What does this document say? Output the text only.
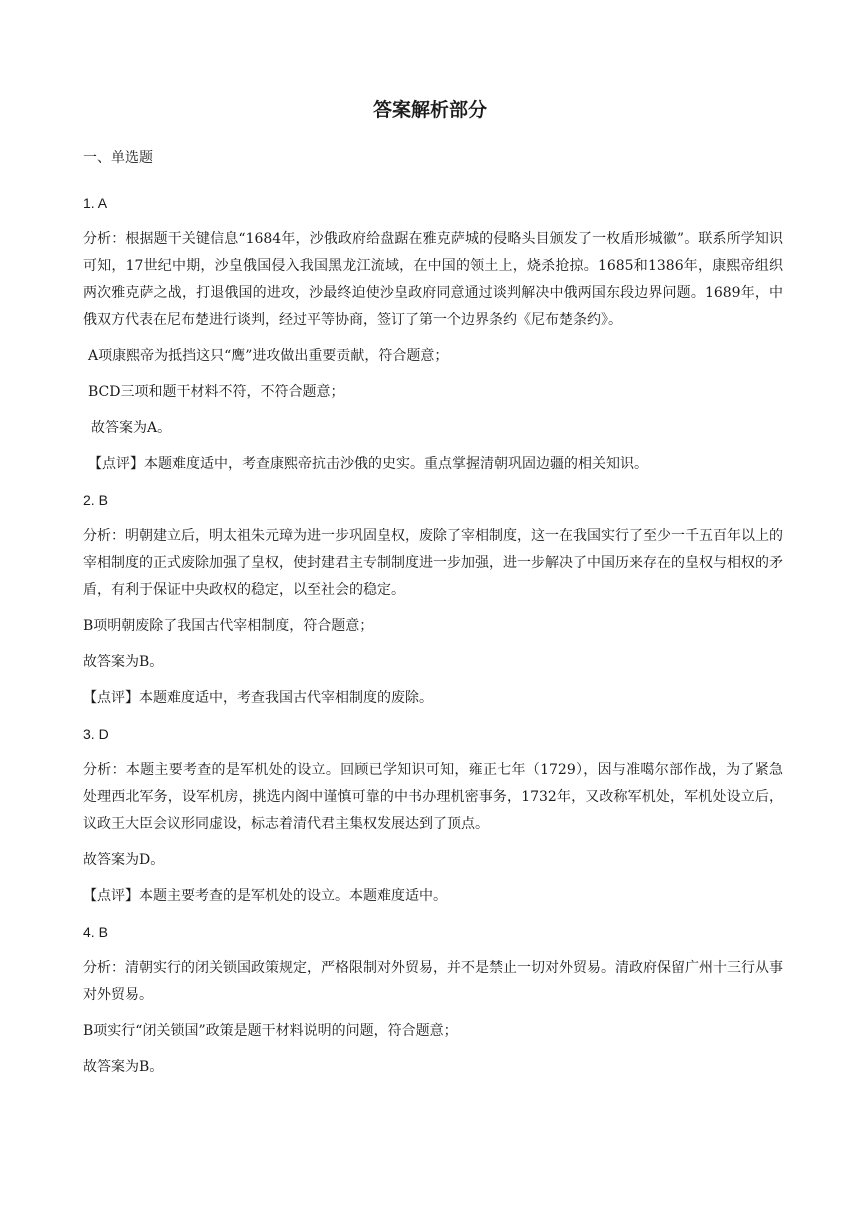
答案解析部分
一、单选题
1. A
分析：根据题干关键信息“1684年，沙俄政府给盘踞在雅克萨城的侵略头目颁发了一枚盾形城徽”。联系所学知识可知，17世纪中期，沙皇俄国侵入我国黑龙江流域，在中国的领土上，烧杀抢掠。1685和1386年，康熙帝组织两次雅克萨之战，打退俄国的进攻，沙最终迫使沙皇政府同意通过谈判解决中俄两国东段边界问题。1689年，中俄双方代表在尼布楚进行谈判，经过平等协商，签订了第一个边界条约《尼布楚条约》。
A项康熙帝为抵挡这只“鹰”进攻做出重要贡献，符合题意；
BCD三项和题干材料不符，不符合题意；
故答案为A。
【点评】本题难度适中，考查康熙帝抗击沙俄的史实。重点掌握清朝巩固边疆的相关知识。
2. B
分析：明朝建立后，明太祖朱元璋为进一步巩固皇权，废除了宰相制度，这一在我国实行了至少一千五百年以上的宰相制度的正式废除加强了皇权，使封建君主专制制度进一步加强，进一步解决了中国历来存在的皇权与相权的矛盾，有利于保证中央政权的稳定，以至社会的稳定。
B项明朝废除了我国古代宰相制度，符合题意；
故答案为B。
【点评】本题难度适中，考查我国古代宰相制度的废除。
3. D
分析：本题主要考查的是军机处的设立。回顾已学知识可知，雍正七年（1729），因与准噶尔部作战，为了紧急处理西北军务，设军机房，挑选内阁中谨慎可靠的中书办理机密事务，1732年，又改称军机处，军机处设立后，议政王大臣会议形同虚设，标志着清代君主集权发展达到了顶点。
故答案为D。
【点评】本题主要考查的是军机处的设立。本题难度适中。
4. B
分析：清朝实行的闭关锁国政策规定，严格限制对外贸易，并不是禁止一切对外贸易。清政府保留广州十三行从事对外贸易。
B项实行“闭关锁国”政策是题干材料说明的问题，符合题意；
故答案为B。
